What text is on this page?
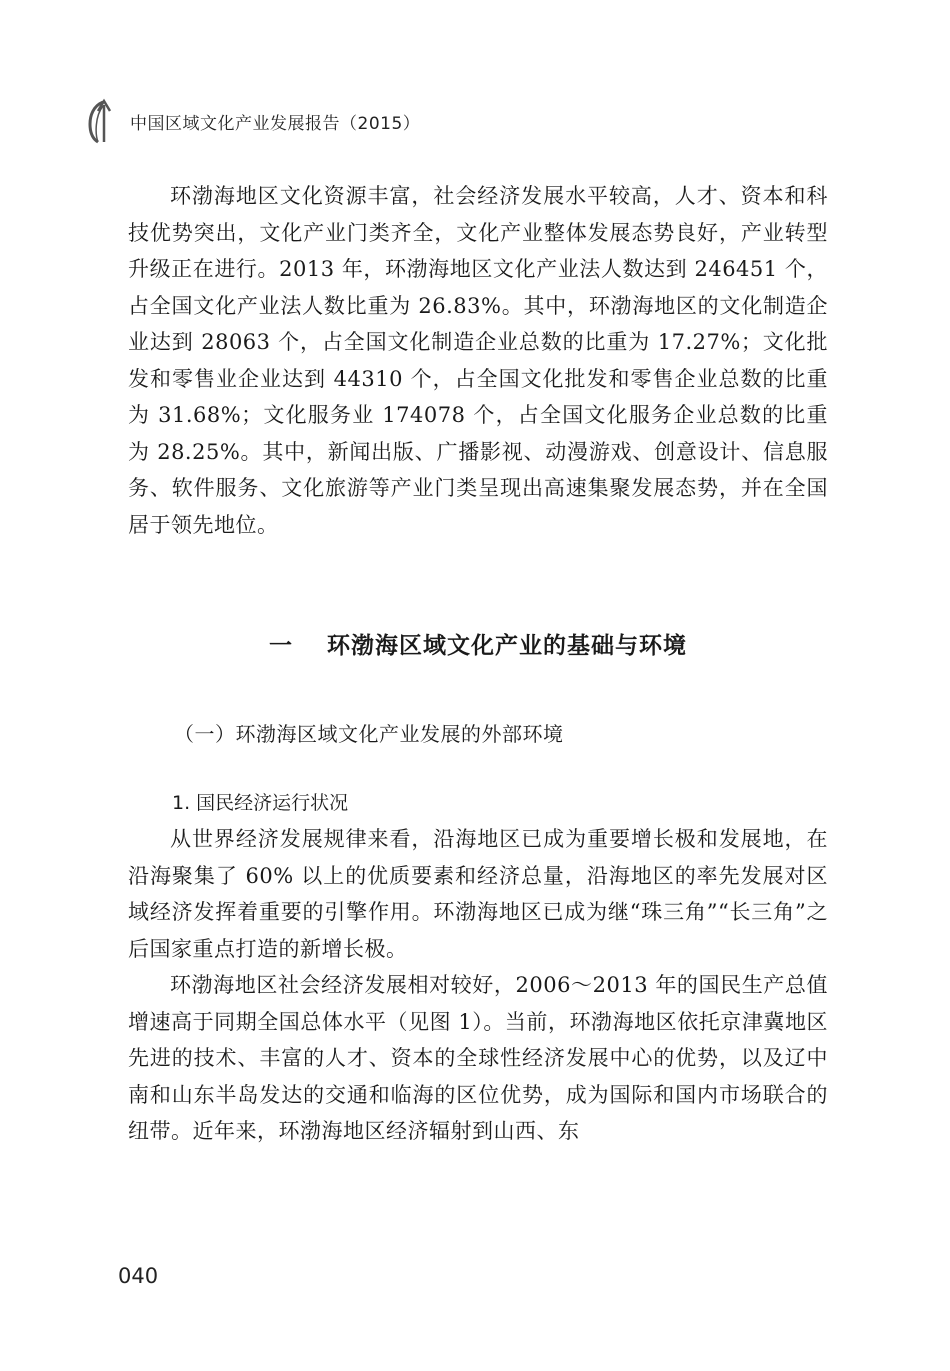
中国区域文化产业发展报告（2015）

环渤海地区文化资源丰富，社会经济发展水平较高，人才、资本和科技优势突出，文化产业门类齐全，文化产业整体发展态势良好，产业转型升级正在进行。2013 年，环渤海地区文化产业法人数达到 246451 个，占全国文化产业法人数比重为 26.83%。其中，环渤海地区的文化制造企业达到 28063 个，占全国文化制造企业总数的比重为 17.27%；文化批发和零售业企业达到 44310 个，占全国文化批发和零售企业总数的比重为 31.68%；文化服务业 174078 个，占全国文化服务企业总数的比重为 28.25%。其中，新闻出版、广播影视、动漫游戏、创意设计、信息服务、软件服务、文化旅游等产业门类呈现出高速集聚发展态势，并在全国居于领先地位。

一 环渤海区域文化产业的基础与环境
（一）环渤海区域文化产业发展的外部环境
1. 国民经济运行状况

从世界经济发展规律来看，沿海地区已成为重要增长极和发展地，在沿海聚集了 60% 以上的优质要素和经济总量，沿海地区的率先发展对区域经济发挥着重要的引擎作用。环渤海地区已成为继“珠三角”“长三角”之后国家重点打造的新增长极。

环渤海地区社会经济发展相对较好，2006～2013 年的国民生产总值增速高于同期全国总体水平（见图 1）。当前，环渤海地区依托京津冀地区先进的技术、丰富的人才、资本的全球性经济发展中心的优势，以及辽中南和山东半岛发达的交通和临海的区位优势，成为国际和国内市场联合的纽带。近年来，环渤海地区经济辐射到山西、东

040
